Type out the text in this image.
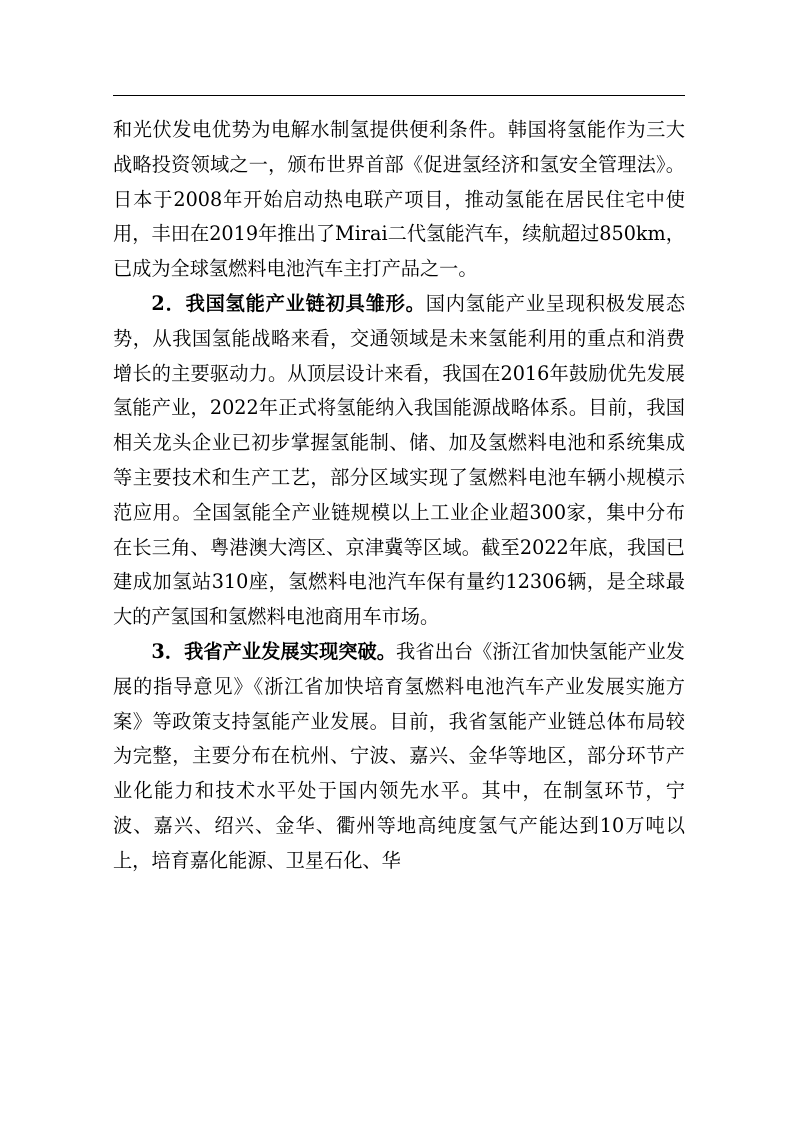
和光伏发电优势为电解水制氢提供便利条件。韩国将氢能作为三大战略投资领域之一，颁布世界首部《促进氢经济和氢安全管理法》。日本于2008年开始启动热电联产项目，推动氢能在居民住宅中使用，丰田在2019年推出了Mirai二代氢能汽车，续航超过850km，已成为全球氢燃料电池汽车主打产品之一。

2．我国氢能产业链初具雏形。国内氢能产业呈现积极发展态势，从我国氢能战略来看，交通领域是未来氢能利用的重点和消费增长的主要驱动力。从顶层设计来看，我国在2016年鼓励优先发展氢能产业，2022年正式将氢能纳入我国能源战略体系。目前，我国相关龙头企业已初步掌握氢能制、储、加及氢燃料电池和系统集成等主要技术和生产工艺，部分区域实现了氢燃料电池车辆小规模示范应用。全国氢能全产业链规模以上工业企业超300家，集中分布在长三角、粤港澳大湾区、京津冀等区域。截至2022年底，我国已建成加氢站310座，氢燃料电池汽车保有量约12306辆，是全球最大的产氢国和氢燃料电池商用车市场。

3．我省产业发展实现突破。我省出台《浙江省加快氢能产业发展的指导意见》《浙江省加快培育氢燃料电池汽车产业发展实施方案》等政策支持氢能产业发展。目前，我省氢能产业链总体布局较为完整，主要分布在杭州、宁波、嘉兴、金华等地区，部分环节产业化能力和技术水平处于国内领先水平。其中，在制氢环节，宁波、嘉兴、绍兴、金华、衢州等地高纯度氢气产能达到10万吨以上，培育嘉化能源、卫星石化、华
